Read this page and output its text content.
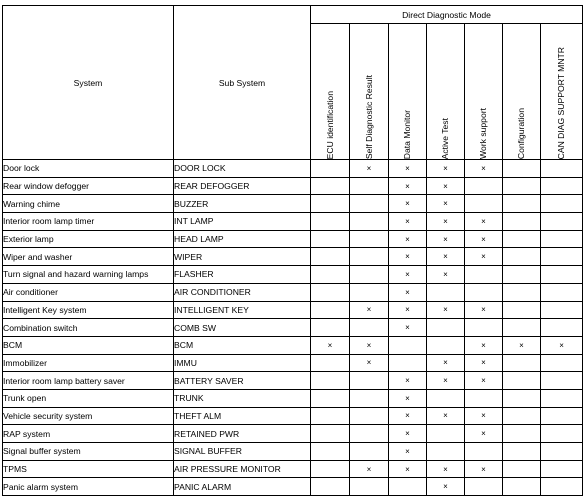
System	Sub System	Direct Diagnostic Mode						

		ECU identification	Self Diagnostic Result	Data Monitor	Active Test	Work support	Configuration	CAN DIAG SUPPORT MNTR

Door lock	DOOR LOCK		×	×	×	×		
Rear window defogger	REAR DEFOGGER			×	×			
Warning chime	BUZZER			×	×			
Interior room lamp timer	INT LAMP			×	×	×		
Exterior lamp	HEAD LAMP			×	×	×		
Wiper and washer	WIPER			×	×	×		
Turn signal and hazard warning lamps	FLASHER			×	×			
Air conditioner	AIR CONDITIONER			×				
Intelligent Key system	INTELLIGENT KEY		×	×	×	×		
Combination switch	COMB SW			×				
BCM	BCM	×	×			×	×	×
Immobilizer	IMMU		×		×	×		
Interior room lamp battery saver	BATTERY SAVER			×	×	×		
Trunk open	TRUNK			×				
Vehicle security system	THEFT ALM			×	×	×		
RAP system	RETAINED PWR			×		×		
Signal buffer system	SIGNAL BUFFER			×				
TPMS	AIR PRESSURE MONITOR		×	×	×	×		
Panic alarm system	PANIC ALARM				×			
